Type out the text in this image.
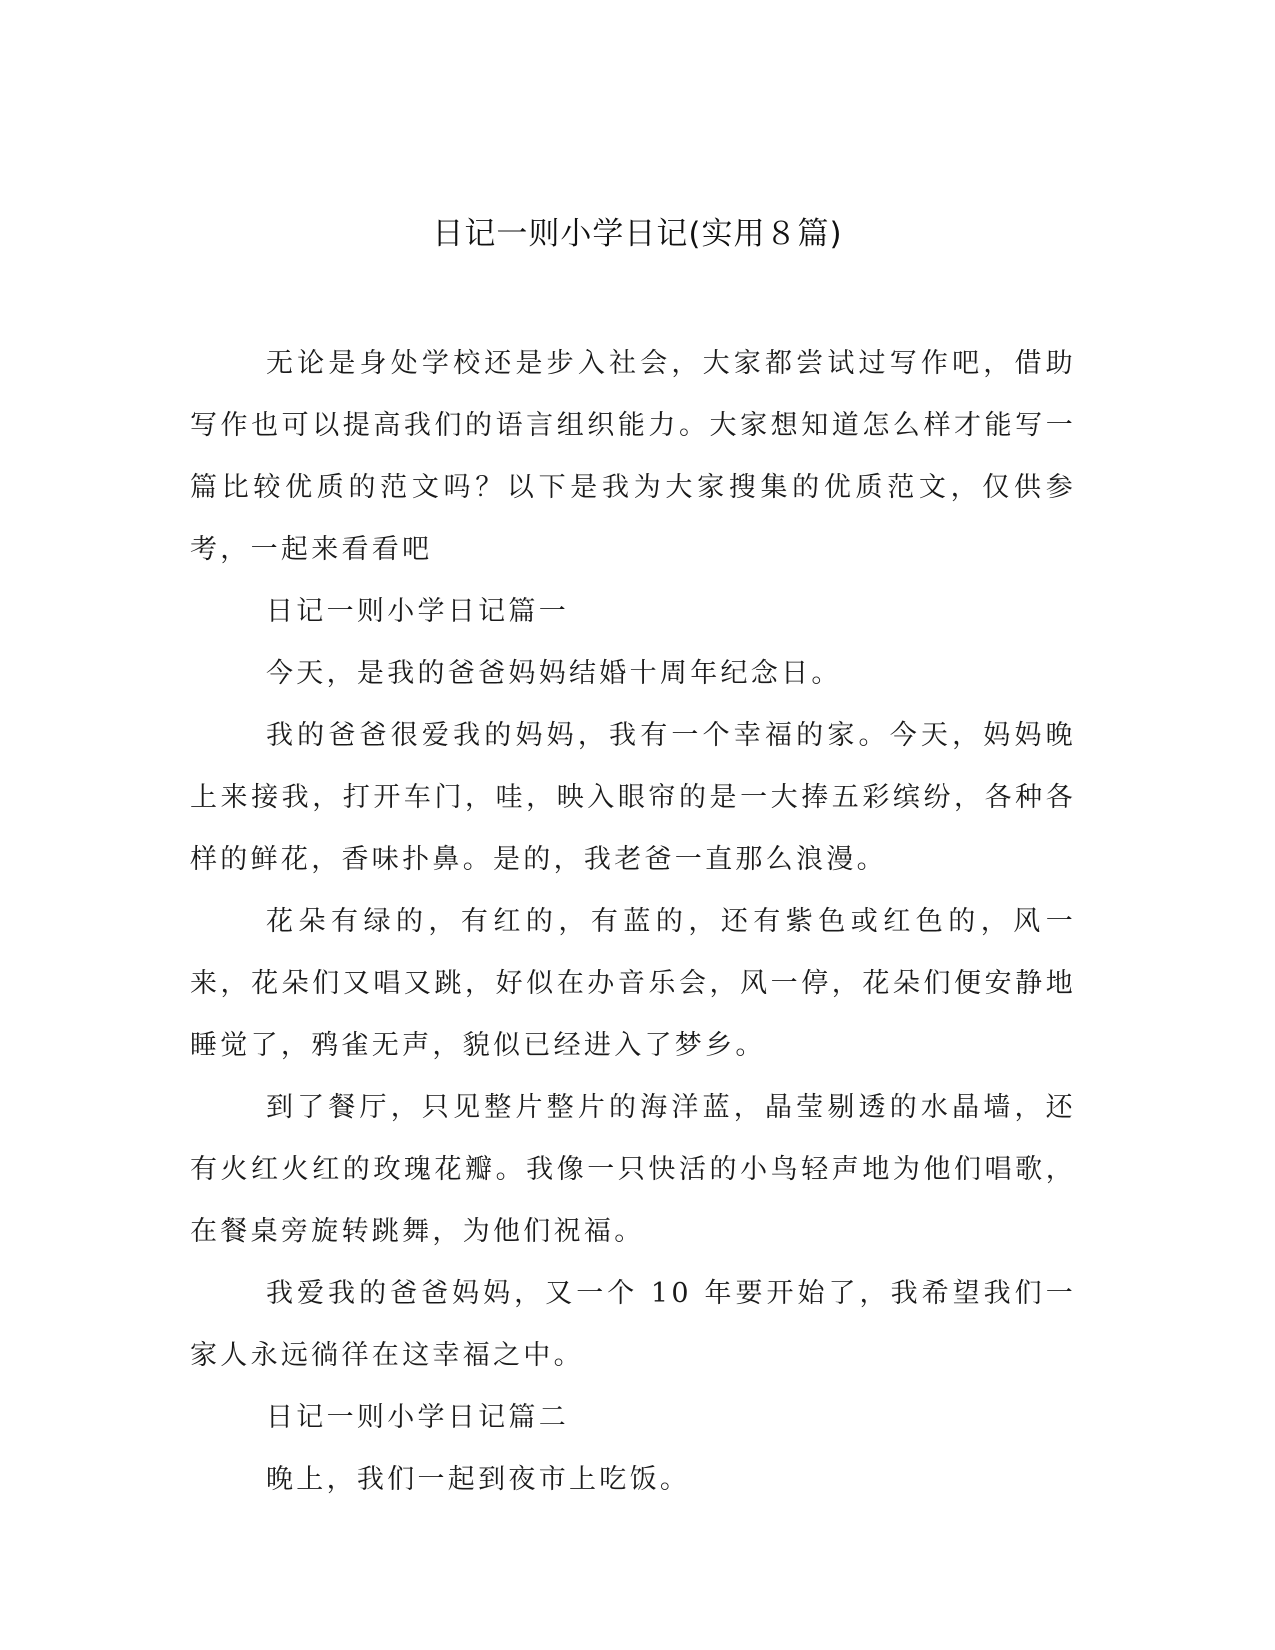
日记一则小学日记(实用８篇)

无论是身处学校还是步入社会，大家都尝试过写作吧，借助写作也可以提高我们的语言组织能力。大家想知道怎么样才能写一篇比较优质的范文吗？以下是我为大家搜集的优质范文，仅供参考，一起来看看吧

日记一则小学日记篇一

今天，是我的爸爸妈妈结婚十周年纪念日。

我的爸爸很爱我的妈妈，我有一个幸福的家。今天，妈妈晚上来接我，打开车门，哇，映入眼帘的是一大捧五彩缤纷，各种各样的鲜花，香味扑鼻。是的，我老爸一直那么浪漫。

花朵有绿的，有红的，有蓝的，还有紫色或红色的，风一来，花朵们又唱又跳，好似在办音乐会，风一停，花朵们便安静地睡觉了，鸦雀无声，貌似已经进入了梦乡。

到了餐厅，只见整片整片的海洋蓝，晶莹剔透的水晶墙，还有火红火红的玫瑰花瓣。我像一只快活的小鸟轻声地为他们唱歌，在餐桌旁旋转跳舞，为他们祝福。

我爱我的爸爸妈妈，又一个 10 年要开始了，我希望我们一家人永远徜徉在这幸福之中。

日记一则小学日记篇二

晚上，我们一起到夜市上吃饭。
